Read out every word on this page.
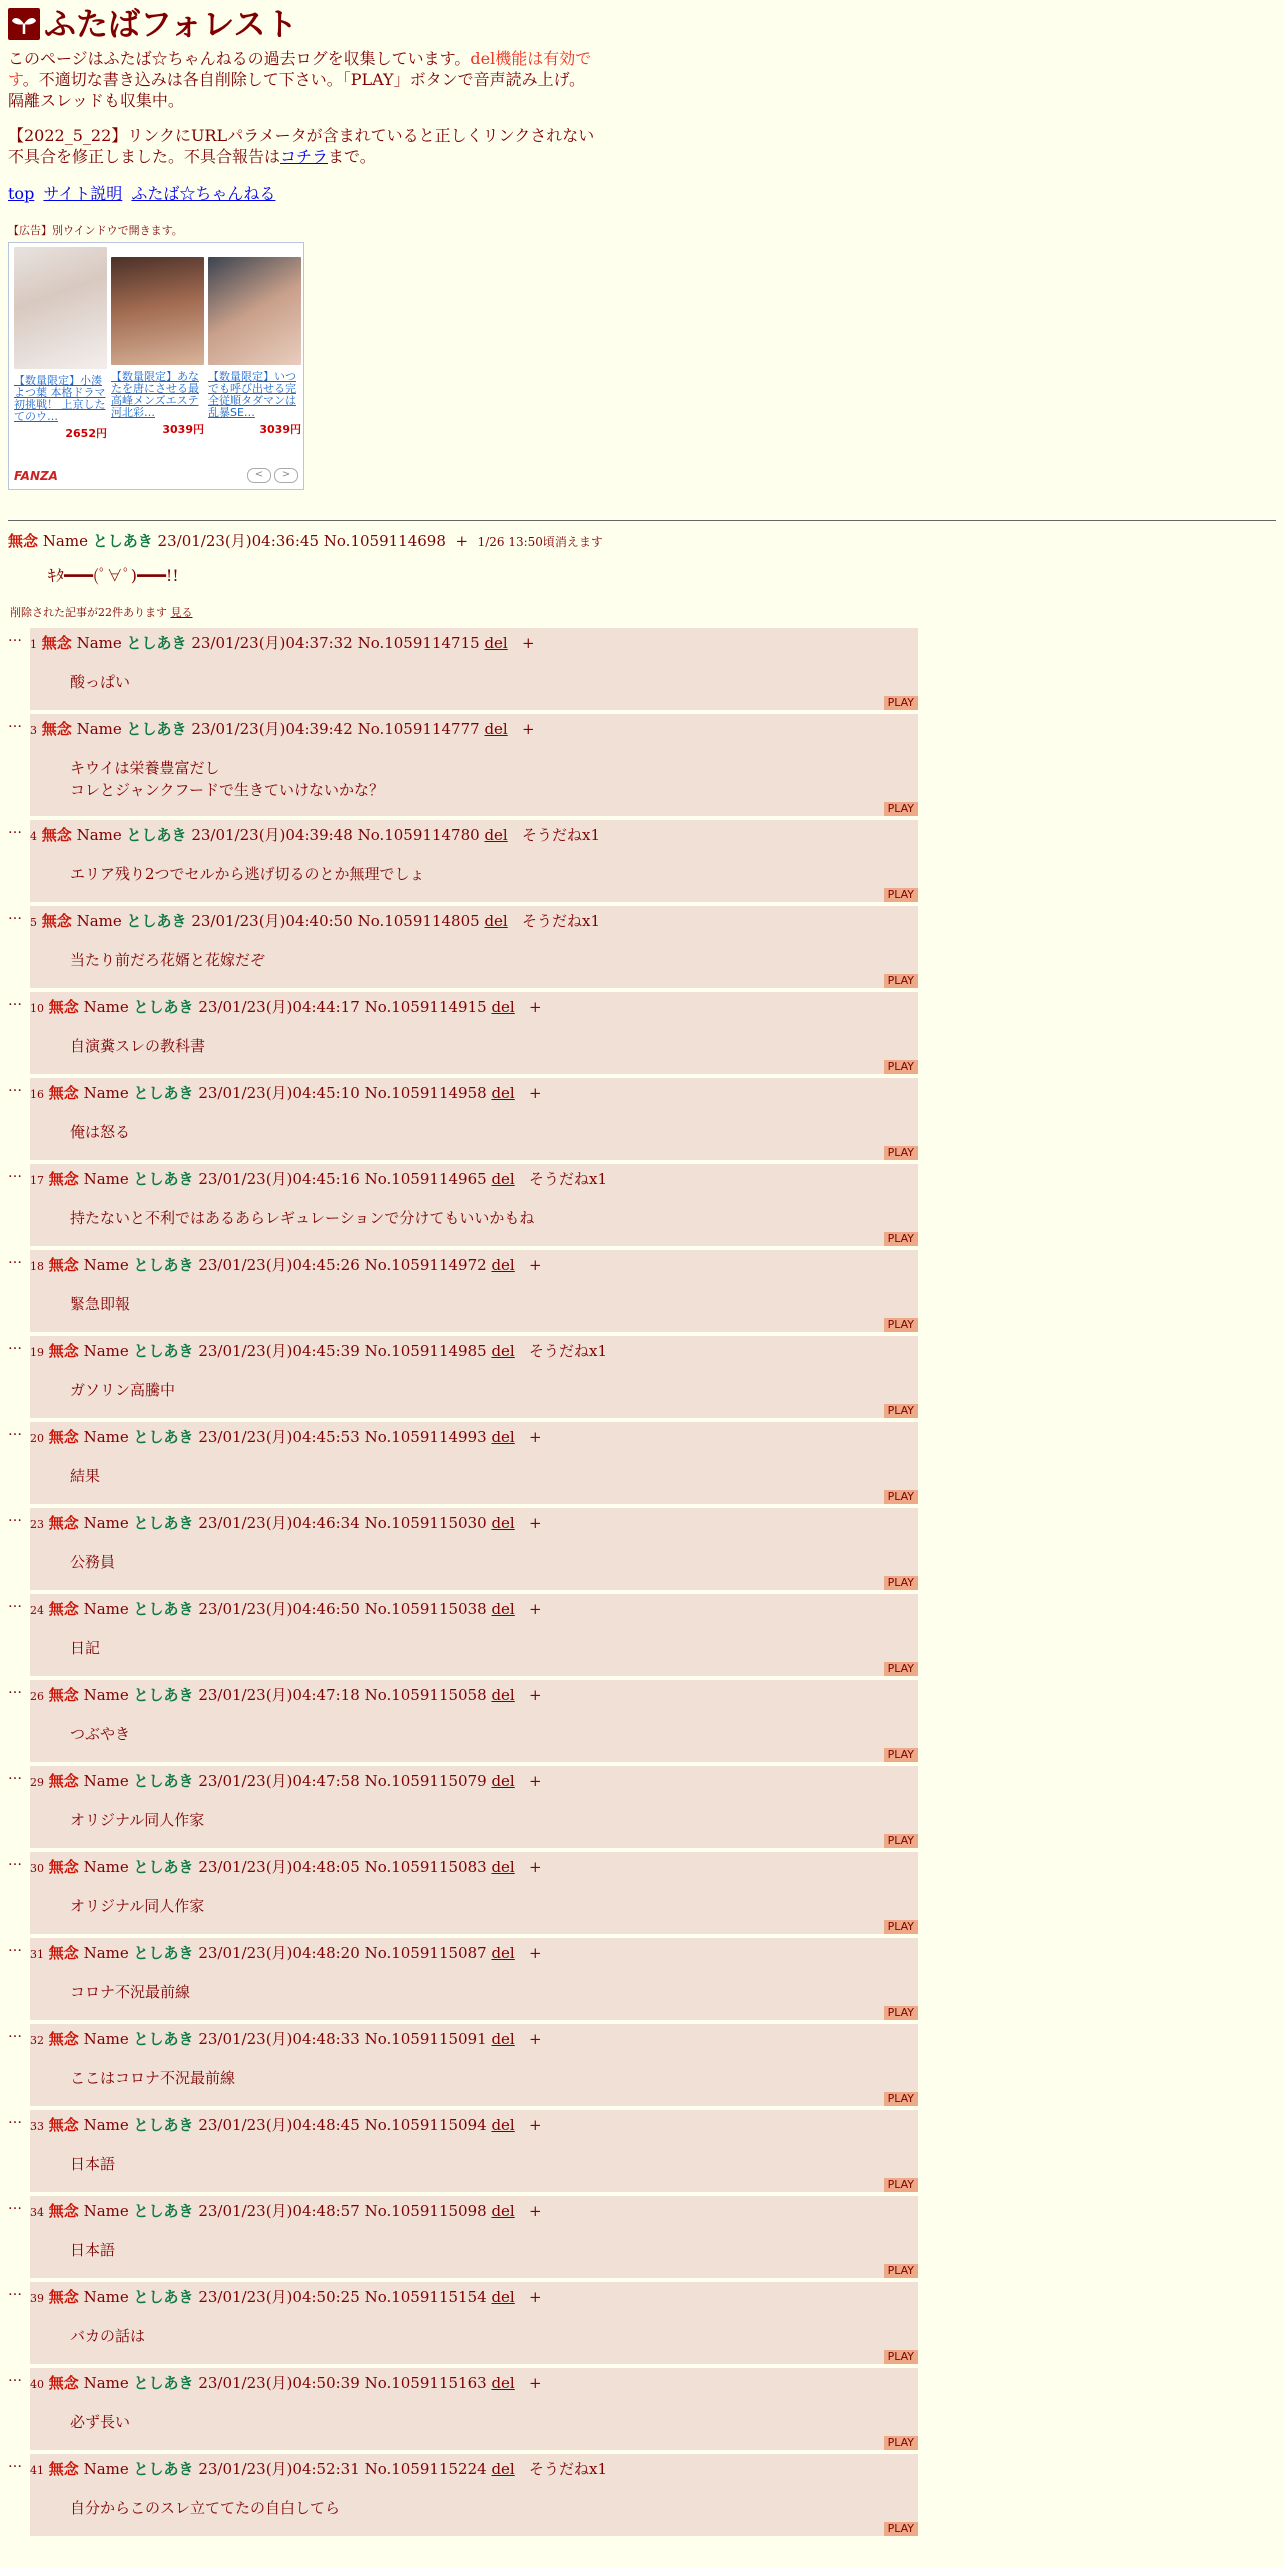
ふたばフォレスト
このページはふたば☆ちゃんねるの過去ログを収集しています。del機能は有効です。不適切な書き込みは各自削除して下さい。「PLAY」ボタンで音声読み上げ。隔離スレッドも収集中。
【2022_5_22】リンクにURLパラメータが含まれていると正しくリンクされない不具合を修正しました。不具合報告はコチラまで。
top サイト説明 ふたば☆ちゃんねる
【広告】別ウインドウで開きます。
【数量限定】小湊よつ葉 本格ドラマ初挑戦！ 上京したてのウ…
2652円
【数量限定】あなたを唐にさせる最高峰メンズエステ 河北彩…
3039円
【数量限定】いつでも呼び出せる完全従順タダマンは乱暴SE…
3039円
FANZA	<	>
無念 Name としあき 23/01/23(月)04:36:45 No.1059114698 + 1/26 13:50頃消えます
ｷﾀ━━━(ﾟ∀ﾟ)━━━!!
削除された記事が22件あります 見る
… 1 無念 Name としあき 23/01/23(月)04:37:32 No.1059114715 del +
酸っぱい
PLAY
… 3 無念 Name としあき 23/01/23(月)04:39:42 No.1059114777 del +
キウイは栄養豊富だし
コレとジャンクフードで生きていけないかな？
PLAY
… 4 無念 Name としあき 23/01/23(月)04:39:48 No.1059114780 del そうだねx1
エリア残り2つでセルから逃げ切るのとか無理でしょ
PLAY
… 5 無念 Name としあき 23/01/23(月)04:40:50 No.1059114805 del そうだねx1
当たり前だろ花婿と花嫁だぞ
PLAY
… 10 無念 Name としあき 23/01/23(月)04:44:17 No.1059114915 del +
自演糞スレの教科書
PLAY
… 16 無念 Name としあき 23/01/23(月)04:45:10 No.1059114958 del +
俺は怒る
PLAY
… 17 無念 Name としあき 23/01/23(月)04:45:16 No.1059114965 del そうだねx1
持たないと不利ではあるあらレギュレーションで分けてもいいかもね
PLAY
… 18 無念 Name としあき 23/01/23(月)04:45:26 No.1059114972 del +
緊急即報
PLAY
… 19 無念 Name としあき 23/01/23(月)04:45:39 No.1059114985 del そうだねx1
ガソリン高騰中
PLAY
… 20 無念 Name としあき 23/01/23(月)04:45:53 No.1059114993 del +
結果
PLAY
… 23 無念 Name としあき 23/01/23(月)04:46:34 No.1059115030 del +
公務員
PLAY
… 24 無念 Name としあき 23/01/23(月)04:46:50 No.1059115038 del +
日記
PLAY
… 26 無念 Name としあき 23/01/23(月)04:47:18 No.1059115058 del +
つぶやき
PLAY
… 29 無念 Name としあき 23/01/23(月)04:47:58 No.1059115079 del +
オリジナル同人作家
PLAY
… 30 無念 Name としあき 23/01/23(月)04:48:05 No.1059115083 del +
オリジナル同人作家
PLAY
… 31 無念 Name としあき 23/01/23(月)04:48:20 No.1059115087 del +
コロナ不況最前線
PLAY
… 32 無念 Name としあき 23/01/23(月)04:48:33 No.1059115091 del +
ここはコロナ不況最前線
PLAY
… 33 無念 Name としあき 23/01/23(月)04:48:45 No.1059115094 del +
日本語
PLAY
… 34 無念 Name としあき 23/01/23(月)04:48:57 No.1059115098 del +
日本語
PLAY
… 39 無念 Name としあき 23/01/23(月)04:50:25 No.1059115154 del +
バカの話は
PLAY
… 40 無念 Name としあき 23/01/23(月)04:50:39 No.1059115163 del +
必ず長い
PLAY
… 41 無念 Name としあき 23/01/23(月)04:52:31 No.1059115224 del そうだねx1
自分からこのスレ立ててたの自白してら
PLAY
